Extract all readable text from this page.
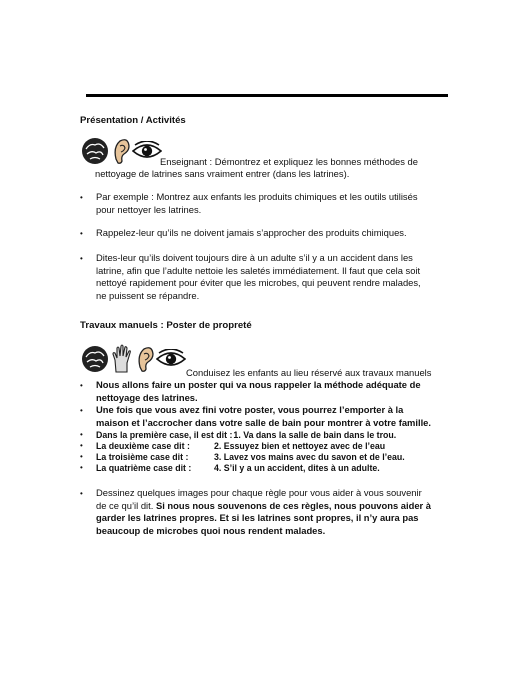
Présentation / Activités
Enseignant : Démontrez et expliquez les bonnes méthodes de
nettoyage de latrines sans vraiment entrer (dans les latrines).
• Par exemple : Montrez aux enfants les produits chimiques et les outils utilisés
pour nettoyer les latrines.
• Rappelez-leur qu’ils ne doivent jamais s’approcher des produits chimiques.
• Dites-leur qu’ils doivent toujours dire à un adulte s’il y a un accident dans les
latrine, afin que l’adulte nettoie les saletés immédiatement. Il faut que cela soit
nettoyé rapidement pour éviter que les microbes, qui peuvent rendre malades,
ne puissent se répandre.
Travaux manuels : Poster de propreté
Conduisez les enfants au lieu réservé aux travaux manuels
• Nous allons faire un poster qui va nous rappeler la méthode adéquate de
nettoyage des latrines.
• Une fois que vous avez fini votre poster, vous pourrez l’emporter à la
maison et l’accrocher dans votre salle de bain pour montrer à votre famille.
• Dans la première case, il est dit :1. Va dans la salle de bain dans le trou.
• La deuxième case dit :	2. Essuyez bien et nettoyez avec de l’eau
• La troisième case dit :	3. Lavez vos mains avec du savon et de l’eau.
• La quatrième case dit :	4. S’il y a un accident, dites à un adulte.
• Dessinez quelques images pour chaque règle pour vous aider à vous souvenir
de ce qu’il dit. Si nous nous souvenons de ces règles, nous pouvons aider à
garder les latrines propres. Et si les latrines sont propres, il n’y aura pas
beaucoup de microbes quoi nous rendent malades.
